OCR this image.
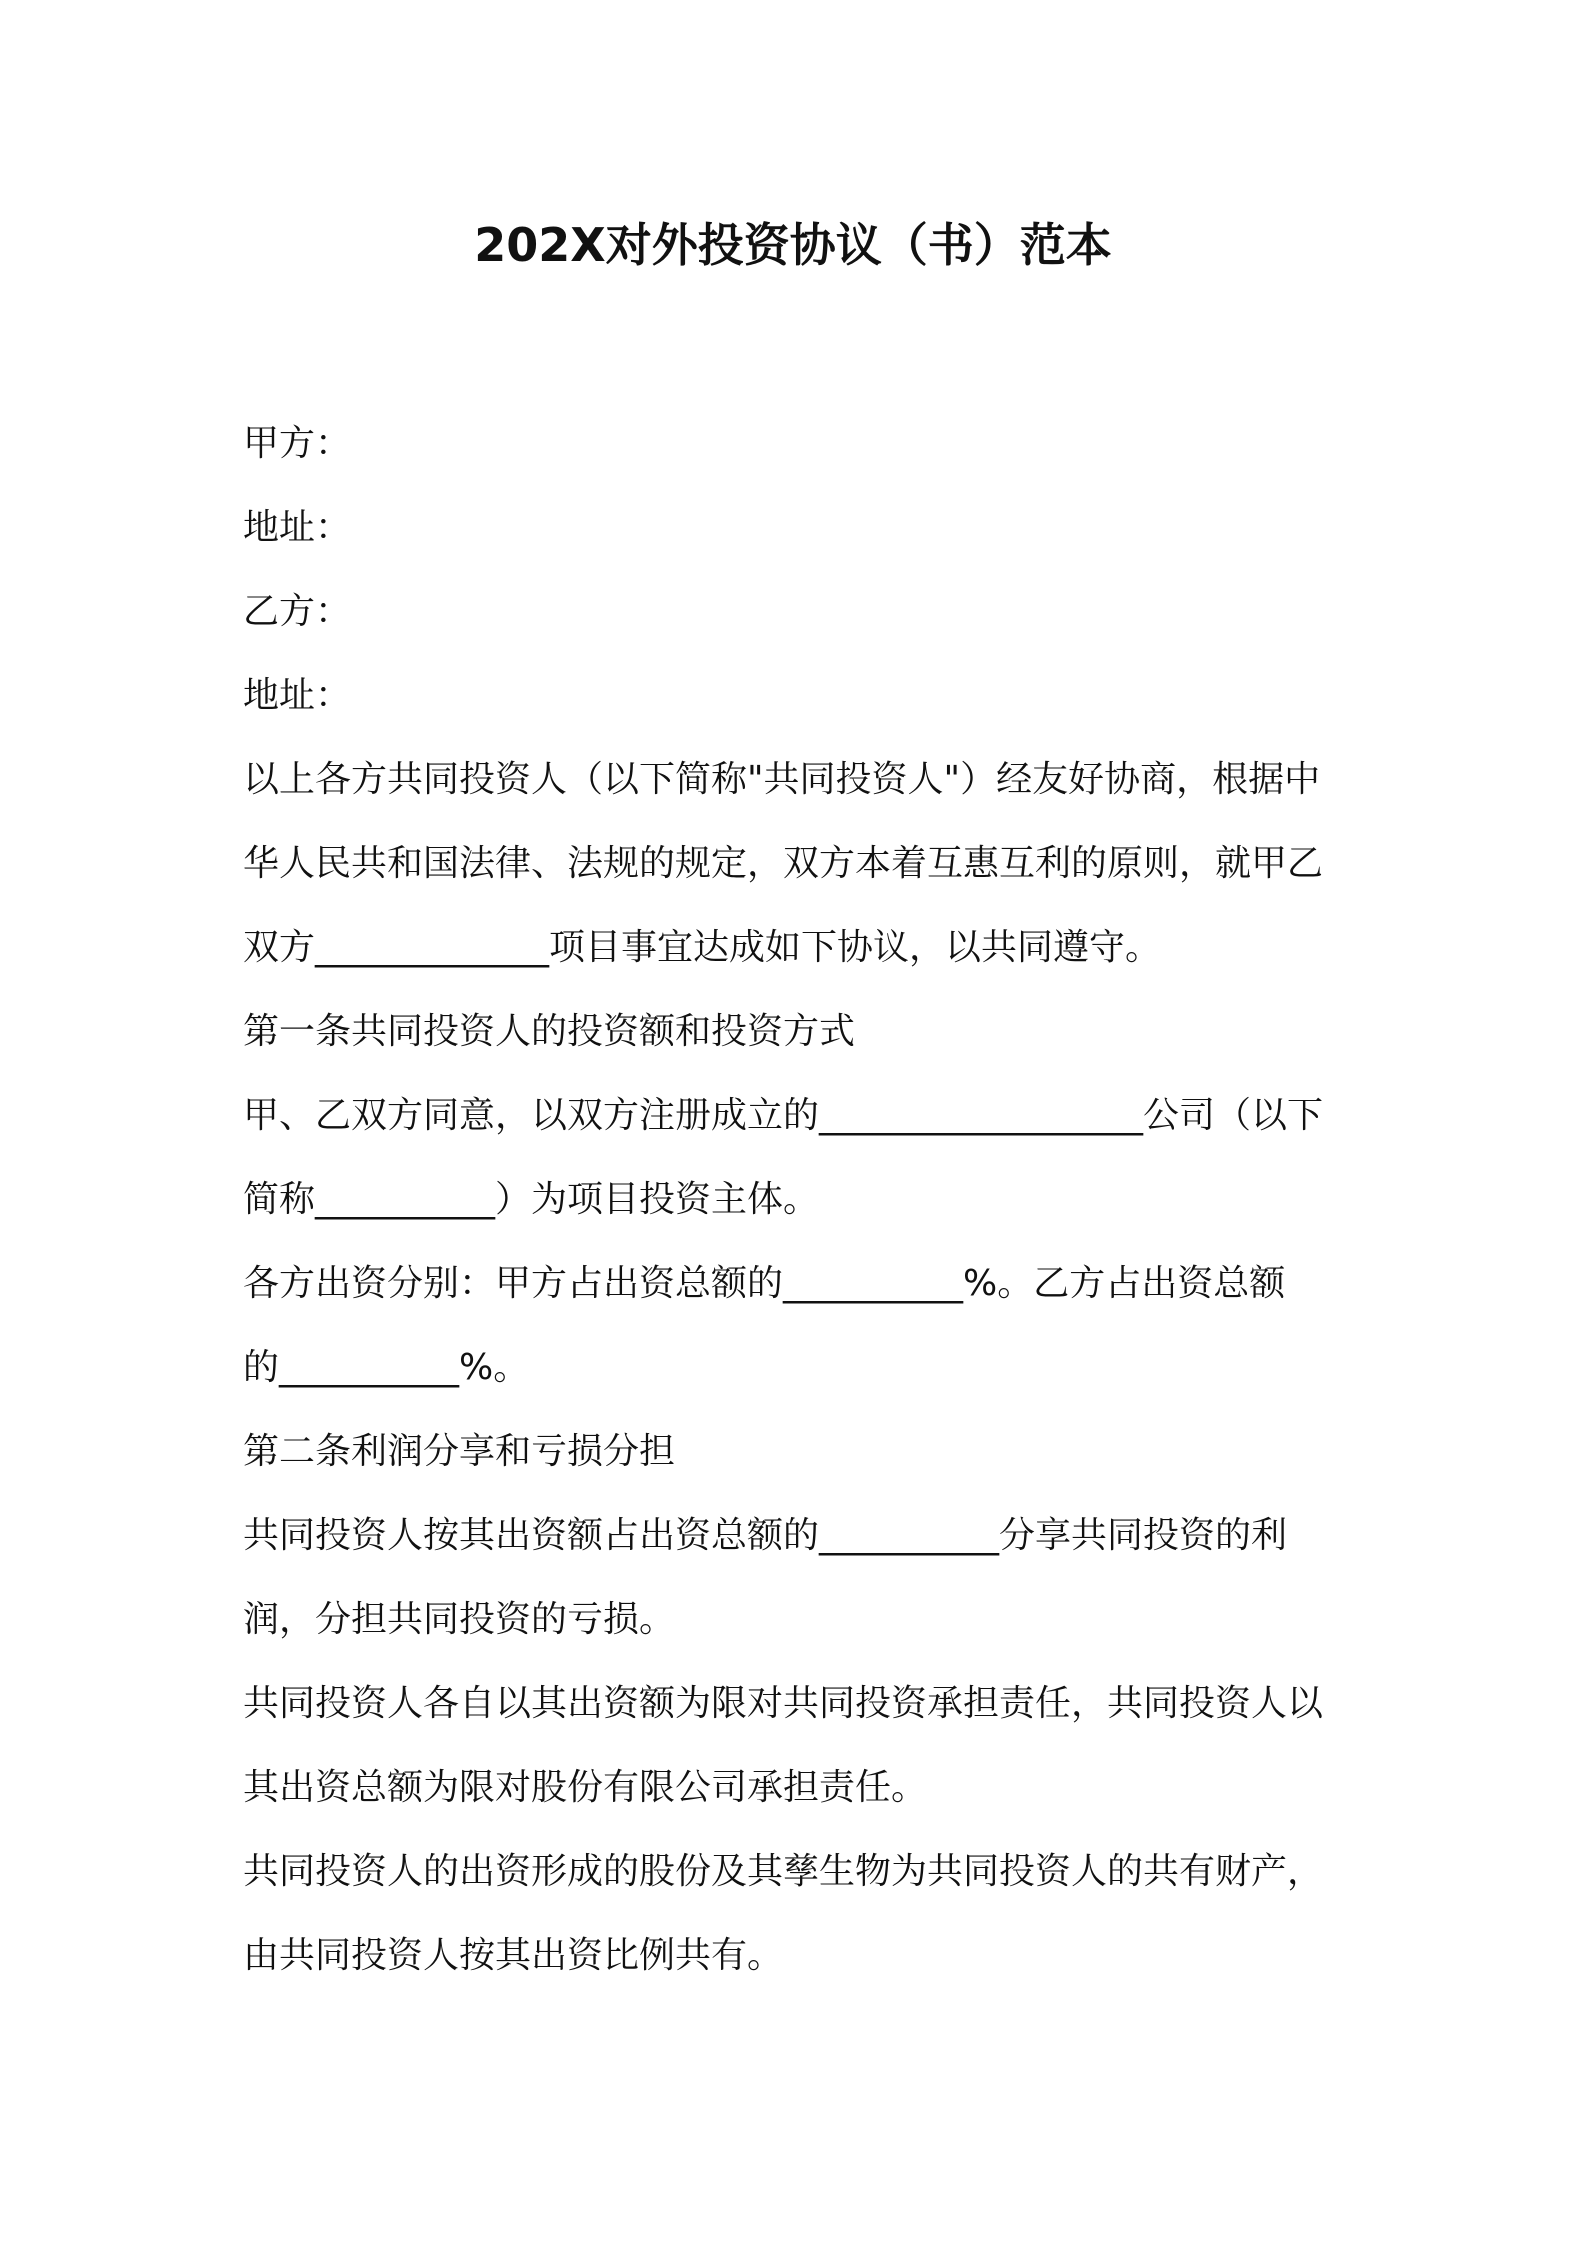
202X对外投资协议（书）范本

甲方：

地址：

乙方：

地址：

以上各方共同投资人（以下简称"共同投资人"）经友好协商，根据中

华人民共和国法律、法规的规定，双方本着互惠互利的原则，就甲乙

双方_____________项目事宜达成如下协议，以共同遵守。

第一条共同投资人的投资额和投资方式

甲、乙双方同意，以双方注册成立的__________________公司（以下

简称__________）为项目投资主体。

各方出资分别：甲方占出资总额的__________%。乙方占出资总额

的__________%。

第二条利润分享和亏损分担

共同投资人按其出资额占出资总额的__________分享共同投资的利

润，分担共同投资的亏损。

共同投资人各自以其出资额为限对共同投资承担责任，共同投资人以

其出资总额为限对股份有限公司承担责任。

共同投资人的出资形成的股份及其孳生物为共同投资人的共有财产，

由共同投资人按其出资比例共有。
